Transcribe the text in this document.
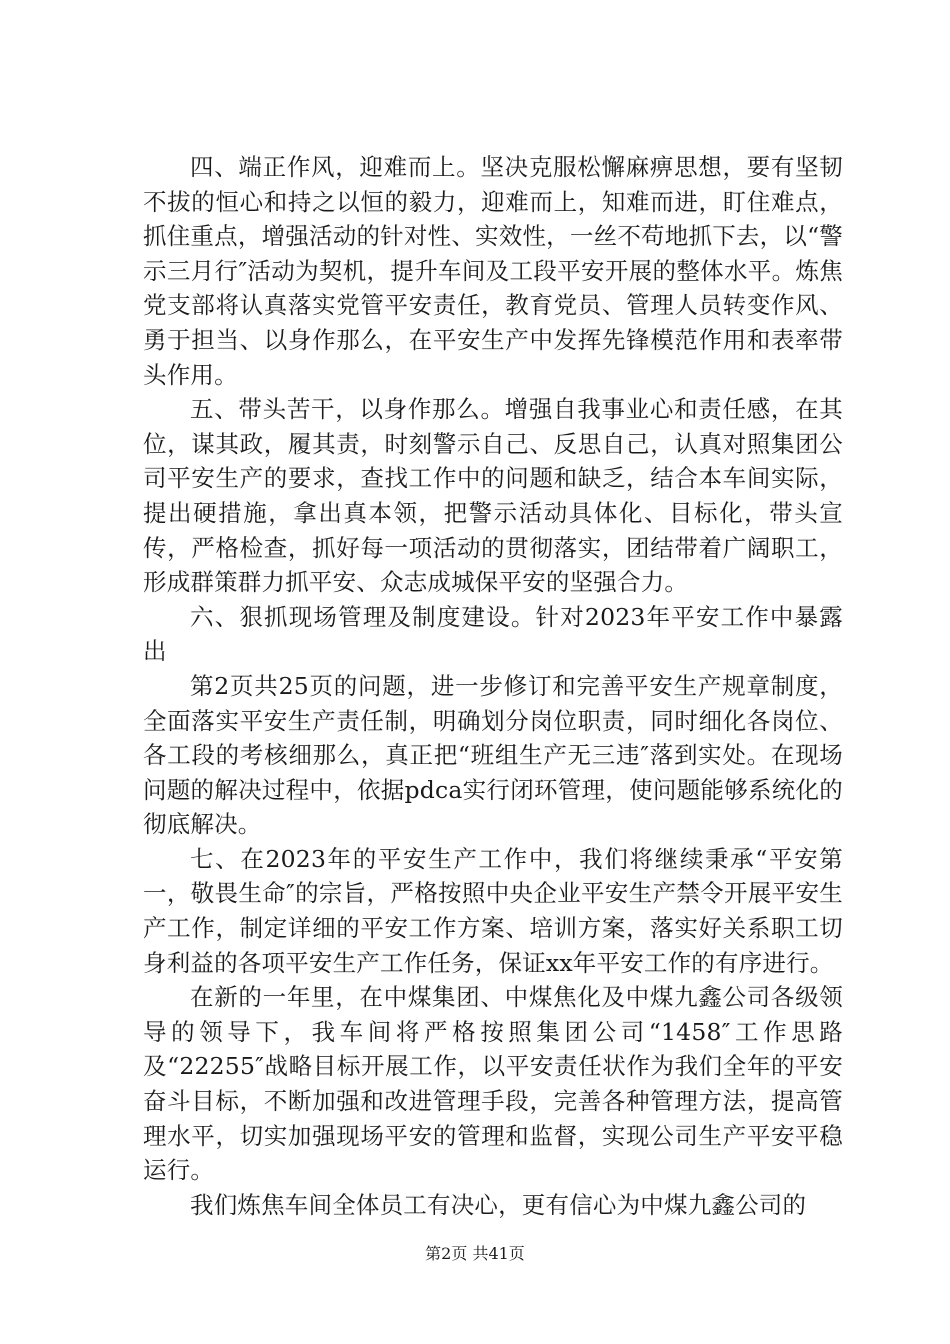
四、端正作风，迎难而上。坚决克服松懈麻痹思想，要有坚韧不拔的恒心和持之以恒的毅力，迎难而上，知难而进，盯住难点，抓住重点，增强活动的针对性、实效性，一丝不苟地抓下去，以“警示三月行″活动为契机，提升车间及工段平安开展的整体水平。炼焦党支部将认真落实党管平安责任，教育党员、管理人员转变作风、勇于担当、以身作那么，在平安生产中发挥先锋模范作用和表率带头作用。

五、带头苦干，以身作那么。增强自我事业心和责任感，在其位，谋其政，履其责，时刻警示自己、反思自己，认真对照集团公司平安生产的要求，查找工作中的问题和缺乏，结合本车间实际，提出硬措施，拿出真本领，把警示活动具体化、目标化，带头宣传，严格检查，抓好每一项活动的贯彻落实，团结带着广阔职工，形成群策群力抓平安、众志成城保平安的坚强合力。

六、狠抓现场管理及制度建设。针对2023年平安工作中暴露出

第2页共25页的问题，进一步修订和完善平安生产规章制度，全面落实平安生产责任制，明确划分岗位职责，同时细化各岗位、各工段的考核细那么，真正把“班组生产无三违″落到实处。在现场问题的解决过程中，依据pdca实行闭环管理，使问题能够系统化的彻底解决。

七、在2023年的平安生产工作中，我们将继续秉承“平安第一，敬畏生命″的宗旨，严格按照中央企业平安生产禁令开展平安生产工作，制定详细的平安工作方案、培训方案，落实好关系职工切身利益的各项平安生产工作任务，保证xx年平安工作的有序进行。

在新的一年里，在中煤集团、中煤焦化及中煤九鑫公司各级领导的领导下，我车间将严格按照集团公司“1458″工作思路及“22255″战略目标开展工作，以平安责任状作为我们全年的平安奋斗目标，不断加强和改进管理手段，完善各种管理方法，提高管理水平，切实加强现场平安的管理和监督，实现公司生产平安平稳运行。

我们炼焦车间全体员工有决心，更有信心为中煤九鑫公司的

第2页 共41页
